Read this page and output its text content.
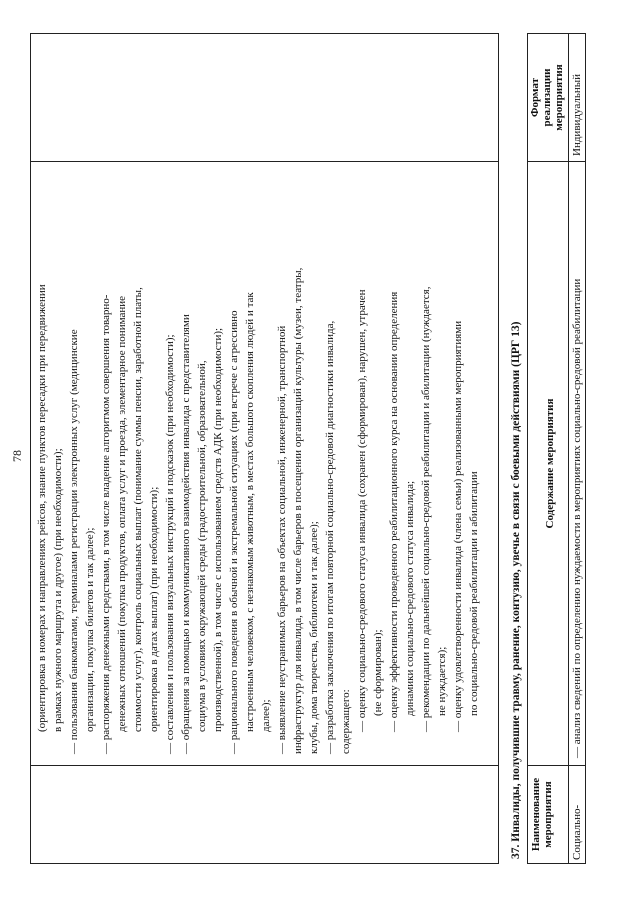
78 (ориентировка в номерах и направлениях рейсов, знание пунктов пересадки при передвижении в рамках нужного маршрута и другое) (при необходимости); — пользования банкоматами, терминалами регистрации электронных услуг (медицинские организации, покупка билетов и так далее); — распоряжения денежными средствами, в том числе владение алгоритмом совершения товарно- денежных отношений (покупка продуктов, оплата услуг и проезда, элементарное понимание стоимости услуг), контроль социальных выплат (понимание суммы пенсии, заработной платы, ориентировка в датах выплат) (при необходимости); — составления и пользования визуальных инструкций и подсказок (при необходимости); — обращения за помощью и коммуникативного взаимодействия инвалида с представителями социума в условиях окружающей среды (градостроительной, образовательной, производственной), в том числе с использованием средств АДК (при необходимости); — рационального поведения в обычной и экстремальной ситуациях (при встрече с агрессивно настроенным человеком, с незнакомым животным, в местах большого скопления людей и так далее); — выявление неустранимых барьеров на объектах социальной, инженерной, транспортной инфраструктур для инвалида, в том числе барьеров в посещении организаций культуры (музеи, театры, клубы, дома творчества, библиотеки и так далее); — разработка заключения по итогам повторной социально-средовой диагностики инвалида, содержащего: — оценку социально-средового статуса инвалида (сохранен (сформирован), нарушен, утрачен (не сформирован); — оценку эффективности проведенного реабилитационного курса на основании определения динамики социально-средового статуса инвалида; — рекомендации по дальнейшей социально-средовой реабилитации и абилитации (нуждается, не нуждается); — оценку удовлетворенности инвалида (члена семьи) реализованными мероприятиями по социально-средовой реабилитации и абилитации	37. Инвалиды, получившие травму, ранение, контузию, увечье в связи с боевыми действиями (ЦРГ 13) Наименование мероприятия
Содержание мероприятия
Формат реализации мероприятия
Социально-
— анализ сведений по определению нуждаемости в мероприятиях социально-средовой реабилитации
Индивидуальный
